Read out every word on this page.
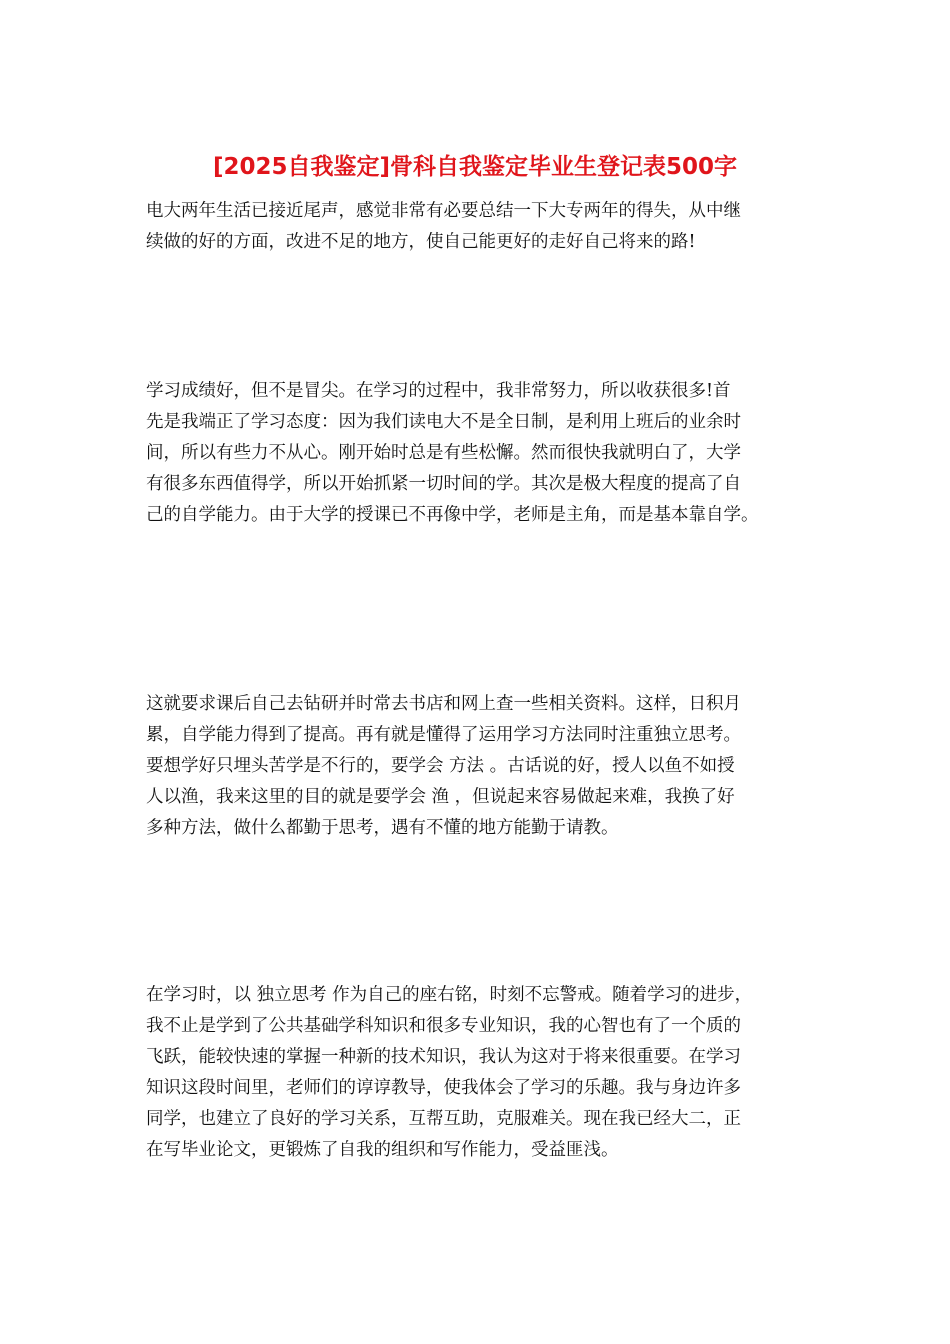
[2025自我鉴定]骨科自我鉴定毕业生登记表500字
电大两年生活已接近尾声，感觉非常有必要总结一下大专两年的得失，从中继
续做的好的方面，改进不足的地方，使自己能更好的走好自己将来的路!
学习成绩好，但不是冒尖。在学习的过程中，我非常努力，所以收获很多!首
先是我端正了学习态度：因为我们读电大不是全日制，是利用上班后的业余时
间，所以有些力不从心。刚开始时总是有些松懈。然而很快我就明白了，大学
有很多东西值得学，所以开始抓紧一切时间的学。其次是极大程度的提高了自
己的自学能力。由于大学的授课已不再像中学，老师是主角，而是基本靠自学。
这就要求课后自己去钻研并时常去书店和网上查一些相关资料。这样，日积月
累，自学能力得到了提高。再有就是懂得了运用学习方法同时注重独立思考。
要想学好只埋头苦学是不行的，要学会 方法 。古话说的好，授人以鱼不如授
人以渔，我来这里的目的就是要学会 渔 ，但说起来容易做起来难，我换了好
多种方法，做什么都勤于思考，遇有不懂的地方能勤于请教。
在学习时，以 独立思考 作为自己的座右铭，时刻不忘警戒。随着学习的进步，
我不止是学到了公共基础学科知识和很多专业知识，我的心智也有了一个质的
飞跃，能较快速的掌握一种新的技术知识，我认为这对于将来很重要。在学习
知识这段时间里，老师们的谆谆教导，使我体会了学习的乐趣。我与身边许多
同学，也建立了良好的学习关系，互帮互助，克服难关。现在我已经大二，正
在写毕业论文，更锻炼了自我的组织和写作能力，受益匪浅。
